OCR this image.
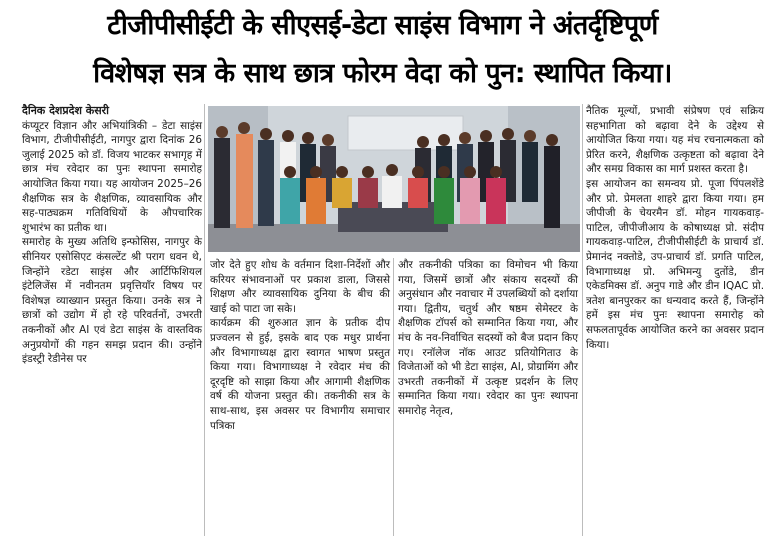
टीजीपीसीईटी के सीएसई-डेटा साइंस विभाग ने अंतर्दृष्टिपूर्ण
विशेषज्ञ सत्र के साथ छात्र फोरम वेदा को पुन: स्थापित किया।
दैनिक देशप्रदेश केसरी

कंप्यूटर विज्ञान और अभियांत्रिकी – डेटा साइंस विभाग, टीजीपीसीईटी, नागपुर द्वारा दिनांक 26 जुलाई 2025 को डॉ. विजय भाटकर सभागृह में छात्र मंच रवेदार का पुनः स्थापना समारोह आयोजित किया गया। यह आयोजन 2025–26 शैक्षणिक सत्र के शैक्षणिक, व्यावसायिक और सह-पाठ्यक्रम गतिविधियों के औपचारिक शुभारंभ का प्रतीक था।

समारोह के मुख्य अतिथि इन्फोसिस, नागपुर के सीनियर एसोसिएट कंसल्टेंट श्री पराग धवन थे, जिन्होंने रडेटा साइंस और आर्टिफिशियल इंटेलिजेंस में नवीनतम प्रवृत्तियाँर विषय पर विशेषज्ञ व्याख्यान प्रस्तुत किया। उनके सत्र ने छात्रों को उद्योग में हो रहे परिवर्तनों, उभरती तकनीकों और AI एवं डेटा साइंस के वास्तविक अनुप्रयोगों की गहन समझ प्रदान की। उन्होंने इंडस्ट्री रेडीनेस पर

जोर देते हुए शोध के वर्तमान दिशा-निर्देशों और करियर संभावनाओं पर प्रकाश डाला, जिससे शिक्षण और व्यावसायिक दुनिया के बीच की खाई को पाटा जा सके।

कार्यक्रम की शुरुआत ज्ञान के प्रतीक दीप प्रज्वलन से हुई, इसके बाद एक मधुर प्रार्थना और विभागाध्यक्ष द्वारा स्वागत भाषण प्रस्तुत किया गया। विभागाध्यक्ष ने रवेदार मंच की दूरदृष्टि को साझा किया और आगामी शैक्षणिक वर्ष की योजना प्रस्तुत की। तकनीकी सत्र के साथ-साथ, इस अवसर पर विभागीय समाचार पत्रिका

और तकनीकी पत्रिका का विमोचन भी किया गया, जिसमें छात्रों और संकाय सदस्यों की अनुसंधान और नवाचार में उपलब्धियों को दर्शाया गया। द्वितीय, चतुर्थ और षष्ठम सेमेस्टर के शैक्षणिक टॉपर्स को सम्मानित किया गया, और मंच के नव-निर्वाचित सदस्यों को बैज प्रदान किए गए। रनॉलेज नॉक आउट प्रतियोगिताउ के विजेताओं को भी डेटा साइंस, AI, प्रोग्रामिंग और उभरती तकनीकों में उत्कृष्ट प्रदर्शन के लिए सम्मानित किया गया। रवेदार का पुनः स्थापना समारोह नेतृत्व,

नैतिक मूल्यों, प्रभावी संप्रेषण एवं सक्रिय सहभागिता को बढ़ावा देने के उद्देश्य से आयोजित किया गया। यह मंच रचनात्मकता को प्रेरित करने, शैक्षणिक उत्कृष्टता को बढ़ावा देने और समग्र विकास का मार्ग प्रशस्त करता है।

इस आयोजन का समन्वय प्रो. पूजा पिंपलशेंडे और प्रो. प्रेमलता शाहरे द्वारा किया गया। हम जीपीजी के चेयरमैन डॉ. मोहन गायकवाड़-पाटिल, जीपीजीआय के कोषाध्यक्ष प्रो. संदीप गायकवाड़-पाटिल, टीजीपीसीईटी के प्राचार्य डॉ. प्रेमानंद नक्तोडे, उप-प्राचार्य डॉ. प्रगति पाटिल, विभागाध्यक्ष प्रो. अभिमन्यु दुतोंडे, डीन एकेडमिक्स डॉ. अनुप गाडे और डीन IQAC प्रो. त्रतेश बानपुरकर का धन्यवाद करते हैं, जिन्होंने हमें इस मंच पुनः स्थापना समारोह को सफलतापूर्वक आयोजित करने का अवसर प्रदान किया।
